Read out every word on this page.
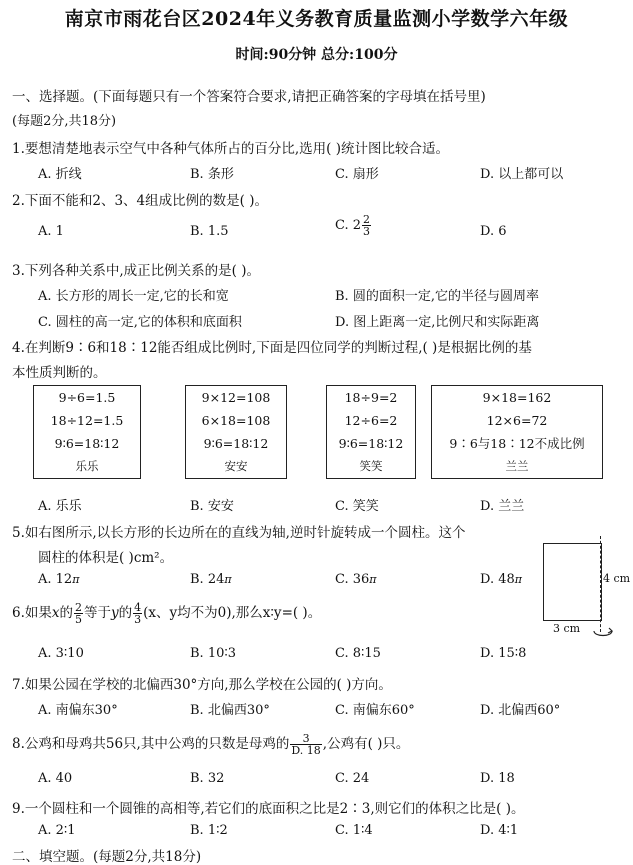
南京市雨花台区2024年义务教育质量监测小学数学六年级
时间:90分钟 总分:100分
一、选择题。(下面每题只有一个答案符合要求,请把正确答案的字母填在括号里)
(每题2分,共18分)
1.要想清楚地表示空气中各种气体所占的百分比,选用( )统计图比较合适。
A. 折线	B. 条形	C. 扇形	D. 以上都可以
2.下面不能和2、3、4组成比例的数是( )。
A. 1	B. 1.5	C. $2 \frac{2}{3}$	D. 6
3.下列各种关系中,成正比例关系的是( )。
A. 长方形的周长一定,它的长和宽	B. 圆的面积一定,它的半径与圆周率
C. 圆柱的高一定,它的体积和底面积	D. 图上距离一定,比例尺和实际距离
4.在判断9∶6和18∶12能否组成比例时,下面是四位同学的判断过程,( )是根据比例的基
本性质判断的。
9÷6=1.5
18÷12=1.5
9∶6=18∶12
乐乐
9×12=108
6×18=108
9∶6=18∶12
安安
18÷9=2
12÷6=2
9∶6=18∶12
笑笑
9×18=162
12×6=72
9∶6与18∶12不成比例
兰兰
A. 乐乐	B. 安安	C. 笑笑	D. 兰兰
5.如右图所示,以长方形的长边所在的直线为轴,逆时针旋转成一个圆柱。这个
圆柱的体积是( )cm²。
A. 12π	B. 24π	C. 36π	D. 48π	4 cm
3 cm
6.如果x的 $\frac{2}{5}$ 等于y的 $\frac{4}{3} (x$、y均不为0),那么x∶y=( )。
A. 3∶10	B. 10∶3	C. 8∶15	D. 15∶8
7.如果公园在学校的北偏西30°方向,那么学校在公园的( )方向。
A. 南偏东30°	B. 北偏西30°	C. 南偏东60°	D. 北偏西60°
8.公鸡和母鸡共56只,其中公鸡的只数是母鸡的 $\frac{3}{D. 18}$ ,公鸡有( )只。
A. 40	B. 32	C. 24	D. 18
9.一个圆柱和一个圆锥的高相等,若它们的底面积之比是2∶3,则它们的体积之比是( )。
A. 2∶1	B. 1∶2	C. 1∶4	D. 4∶1
二、填空题。(每题2分,共18分)
